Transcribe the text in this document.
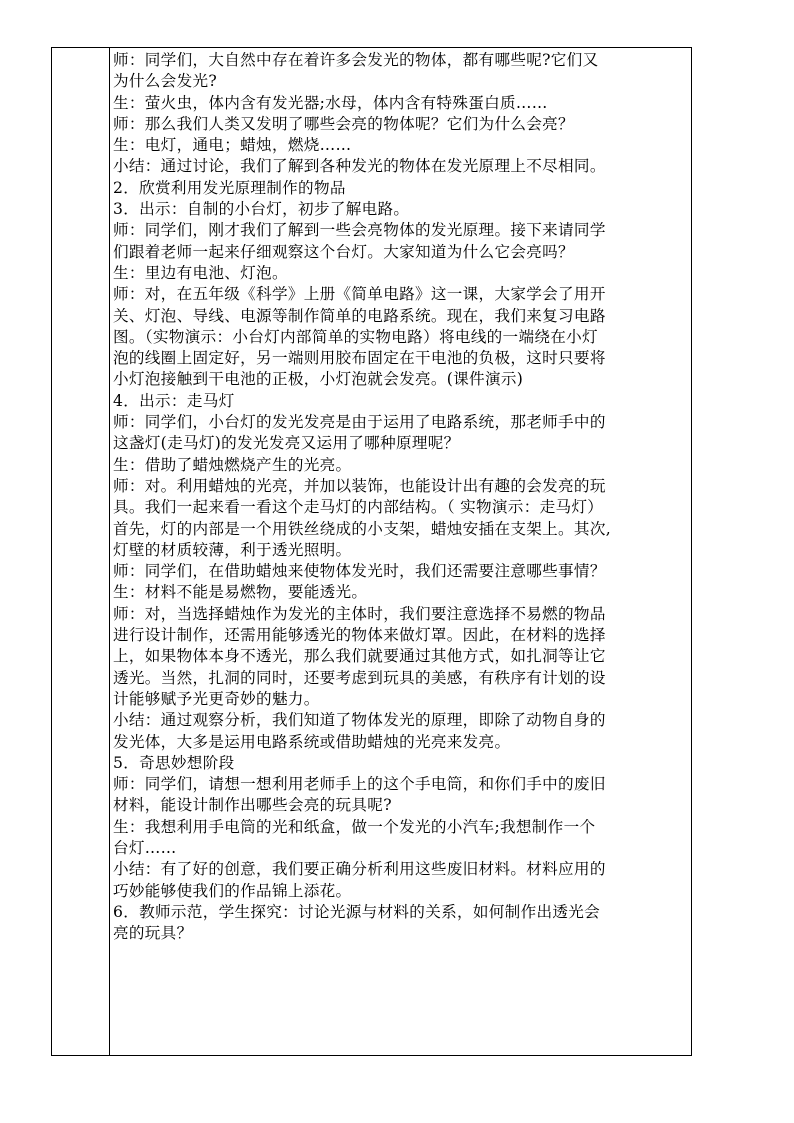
师：同学们，大自然中存在着许多会发光的物体，都有哪些呢?它们又
为什么会发光?
生：萤火虫，体内含有发光器;水母，体内含有特殊蛋白质……
师：那么我们人类又发明了哪些会亮的物体呢？它们为什么会亮？
生：电灯，通电；蜡烛，燃烧……
小结：通过讨论，我们了解到各种发光的物体在发光原理上不尽相同。
2．欣赏利用发光原理制作的物品
3．出示：自制的小台灯，初步了解电路。
师：同学们，刚才我们了解到一些会亮物体的发光原理。接下来请同学
们跟着老师一起来仔细观察这个台灯。大家知道为什么它会亮吗？
生：里边有电池、灯泡。
师：对，在五年级《科学》上册《简单电路》这一课，大家学会了用开
关、灯泡、导线、电源等制作简单的电路系统。现在，我们来复习电路
图。（实物演示：小台灯内部简单的实物电路）将电线的一端绕在小灯
泡的线圈上固定好，另一端则用胶布固定在干电池的负极，这时只要将
小灯泡接触到干电池的正极，小灯泡就会发亮。(课件演示)
4．出示：走马灯
师：同学们，小台灯的发光发亮是由于运用了电路系统，那老师手中的
这盏灯(走马灯)的发光发亮又运用了哪种原理呢？
生：借助了蜡烛燃烧产生的光亮。
师：对。利用蜡烛的光亮，并加以装饰，也能设计出有趣的会发亮的玩
具。我们一起来看一看这个走马灯的内部结构。（ 实物演示：走马灯）
首先，灯的内部是一个用铁丝绕成的小支架，蜡烛安插在支架上。其次,
灯壁的材质较薄，利于透光照明。
师：同学们，在借助蜡烛来使物体发光时，我们还需要注意哪些事情？
生：材料不能是易燃物，要能透光。
师：对，当选择蜡烛作为发光的主体时，我们要注意选择不易燃的物品
进行设计制作，还需用能够透光的物体来做灯罩。因此，在材料的选择
上，如果物体本身不透光，那么我们就要通过其他方式，如扎洞等让它
透光。当然，扎洞的同时，还要考虑到玩具的美感，有秩序有计划的设
计能够赋予光更奇妙的魅力。
小结：通过观察分析，我们知道了物体发光的原理，即除了动物自身的
发光体，大多是运用电路系统或借助蜡烛的光亮来发亮。
5．奇思妙想阶段
师：同学们，请想一想利用老师手上的这个手电筒，和你们手中的废旧
材料，能设计制作出哪些会亮的玩具呢?
生：我想利用手电筒的光和纸盒，做一个发光的小汽车;我想制作一个
台灯……
小结：有了好的创意，我们要正确分析利用这些废旧材料。材料应用的
巧妙能够使我们的作品锦上添花。
6．教师示范，学生探究：讨论光源与材料的关系，如何制作出透光会
亮的玩具？
